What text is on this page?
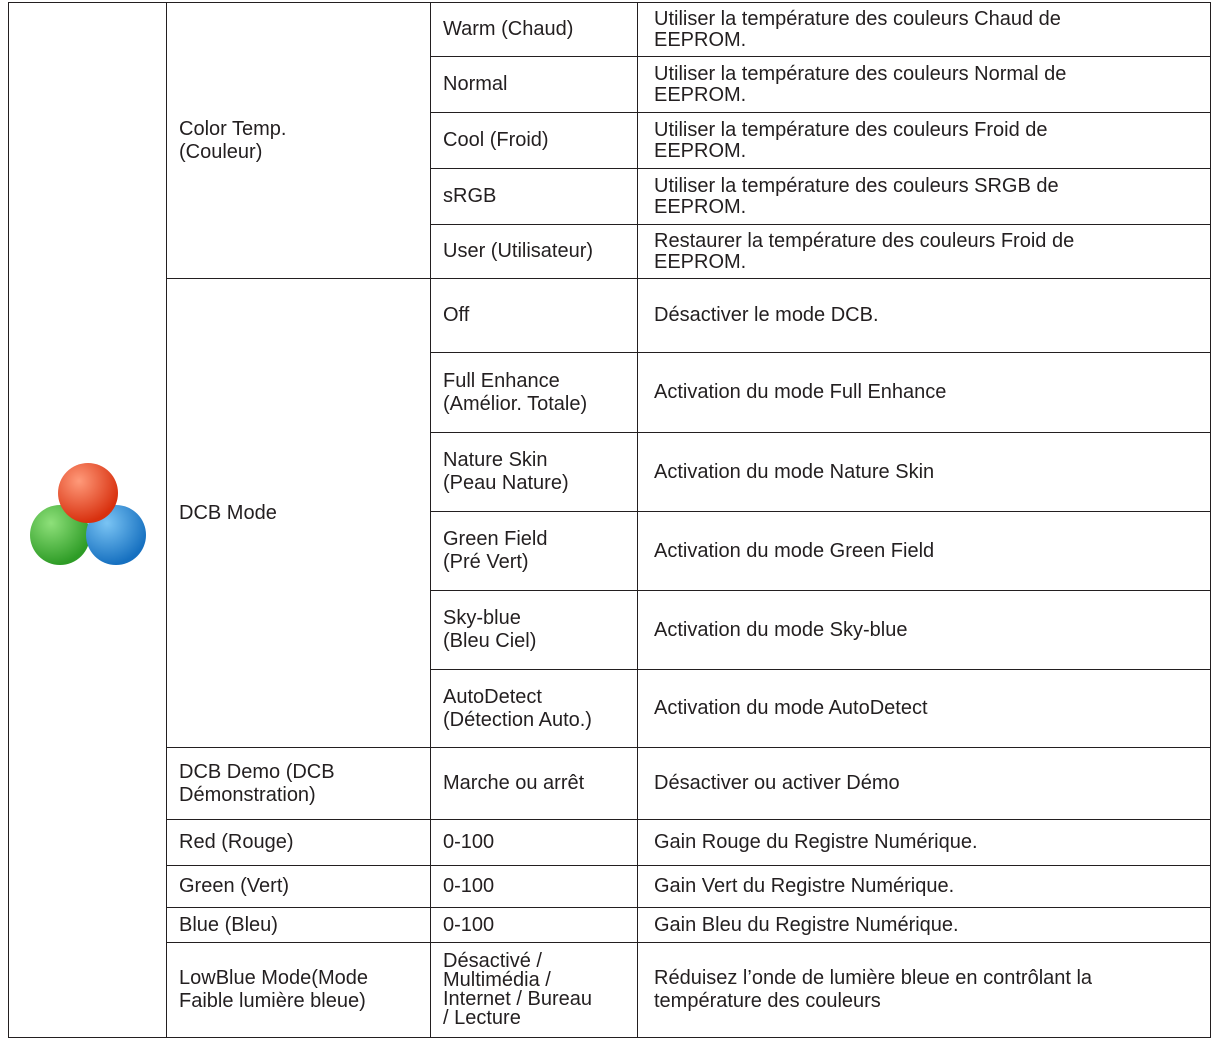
Color Temp.
(Couleur)	Warm (Chaud)	Utiliser la température des couleurs Chaud de
EEPROM.

		Normal	Utiliser la température des couleurs Normal de
EEPROM.

		Cool (Froid)	Utiliser la température des couleurs Froid de
EEPROM.

		sRGB	Utiliser la température des couleurs SRGB de
EEPROM.

		User (Utilisateur)	Restaurer la température des couleurs Froid de
EEPROM.

	DCB Mode	Off	Désactiver le mode DCB.

		Full Enhance
(Amélior. Totale)	Activation du mode Full Enhance

		Nature Skin
(Peau Nature)	Activation du mode Nature Skin

		Green Field
(Pré Vert)	Activation du mode Green Field

		Sky-blue
(Bleu Ciel)	Activation du mode Sky-blue

		AutoDetect
(Détection Auto.)	Activation du mode AutoDetect

	DCB Demo (DCB
Démonstration)	Marche ou arrêt	Désactiver ou activer Démo

	Red (Rouge)	0-100	Gain Rouge du Registre Numérique.

	Green (Vert)	0-100	Gain Vert du Registre Numérique.

	Blue (Bleu)	0-100	Gain Bleu du Registre Numérique.

	LowBlue Mode(Mode
Faible lumière bleue)	Désactivé /
Multimédia /
Internet / Bureau
/ Lecture	Réduisez l’onde de lumière bleue en contrôlant la
température des couleurs
